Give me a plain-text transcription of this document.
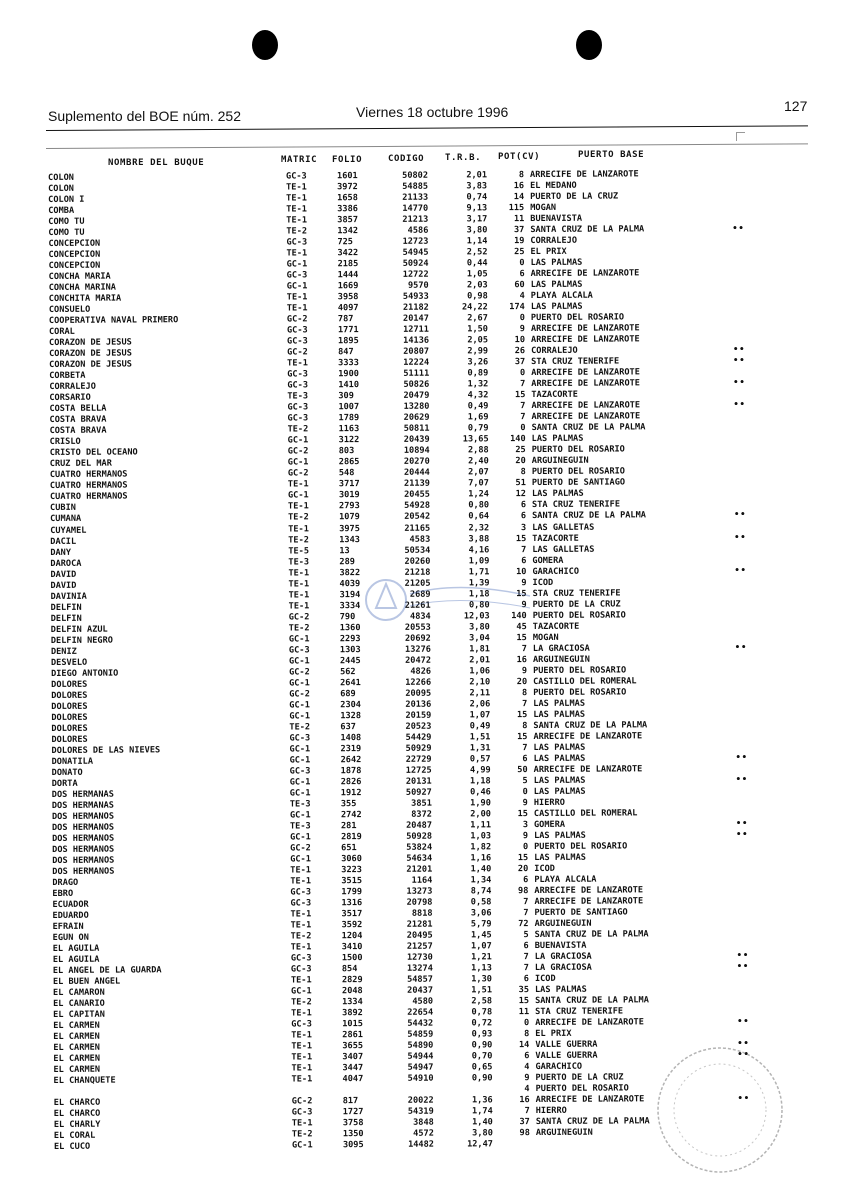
Suplemento del BOE núm. 252	Viernes 18 octubre 1996	127
NOMBRE DEL BUQUE	MATRIC FOLIO	CODIGO T.R.B. POT(CV)	PUERTO BASE
COLON	GC-3	1601	50802	2,01	8 ARRECIFE DE LANZAROTE
COLON	TE-1	3972	54885	3,83	16 EL MEDANO
COLON I	TE-1	1658	21133	0,74	14 PUERTO DE LA CRUZ
COMBA	TE-1	3386	14770	9,13	115 MOGAN
COMO TU	TE-1	3857	21213	3,17	11 BUENAVISTA
COMO TU	TE-2	1342	4586	3,80	37 SANTA CRUZ DE LA PALMA	••
CONCEPCION	GC-3	725	12723	1,14	19 CORRALEJO
CONCEPCION	TE-1	3422	54945	2,52	25 EL PRIX
CONCEPCION	GC-1	2185	50924	0,44	0 LAS PALMAS
CONCHA MARIA	GC-3	1444	12722	1,05	6 ARRECIFE DE LANZAROTE
CONCHA MARINA	GC-1	1669	9570	2,03	60 LAS PALMAS
CONCHITA MARIA	TE-1	3958	54933	0,98	4 PLAYA ALCALA
CONSUELO	TE-1	4097	21182	24,22	174 LAS PALMAS
COOPERATIVA NAVAL PRIMERO	GC-2	787	20147	2,67	0 PUERTO DEL ROSARIO
CORAL	GC-3	1771	12711	1,50	9 ARRECIFE DE LANZAROTE
CORAZON DE JESUS	GC-3	1895	14136	2,05	10 ARRECIFE DE LANZAROTE
CORAZON DE JESUS	GC-2	847	20807	2,99	26 CORRALEJO	••
CORAZON DE JESUS	TE-1	3333	12224	3,26	37 STA CRUZ TENERIFE	••
CORBETA	GC-3	1900	51111	0,89	0 ARRECIFE DE LANZAROTE
CORRALEJO	GC-3	1410	50826	1,32	7 ARRECIFE DE LANZAROTE	••
CORSARIO	TE-3	309	20479	4,32	15 TAZACORTE
COSTA BELLA	GC-3	1007	13280	0,49	7 ARRECIFE DE LANZAROTE	••
COSTA BRAVA	GC-3	1789	20629	1,69	7 ARRECIFE DE LANZAROTE
COSTA BRAVA	TE-2	1163	50811	0,79	0 SANTA CRUZ DE LA PALMA
CRISLO	GC-1	3122	20439	13,65	140 LAS PALMAS
CRISTO DEL OCEANO	GC-2	803	10894	2,88	25 PUERTO DEL ROSARIO
CRUZ DEL MAR	GC-1	2865	20270	2,40	20 ARGUINEGUIN
CUATRO HERMANOS	GC-2	548	20444	2,07	8 PUERTO DEL ROSARIO
CUATRO HERMANOS	TE-1	3717	21139	7,07	51 PUERTO DE SANTIAGO
CUATRO HERMANOS	GC-1	3019	20455	1,24	12 LAS PALMAS
CUBIN	TE-1	2793	54928	0,80	6 STA CRUZ TENERIFE
CUMANA	TE-2	1079	20542	0,64	6 SANTA CRUZ DE LA PALMA	••
CUYAMEL	TE-1	3975	21165	2,32	3 LAS GALLETAS
DACIL	TE-2	1343	4583	3,88	15 TAZACORTE	••
DANY	TE-5	13	50534	4,16	7 LAS GALLETAS
DAROCA	TE-3	289	20260	1,09	6 GOMERA
DAVID	TE-1	3822	21218	1,71	10 GARACHICO	••
DAVID	TE-1	4039	21205	1,39	9 ICOD
DAVINIA	TE-1	3194	2689	1,18	15 STA CRUZ TENERIFE
DELFIN	TE-1	3334	21261	0,80	9 PUERTO DE LA CRUZ
DELFIN	GC-2	790	4834	12,03	140 PUERTO DEL ROSARIO
DELFIN AZUL	TE-2	1360	20553	3,80	45 TAZACORTE
DELFIN NEGRO	GC-1	2293	20692	3,04	15 MOGAN
DENIZ	GC-3	1303	13276	1,81	7 LA GRACIOSA	••
DESVELO	GC-1	2445	20472	2,01	16 ARGUINEGUIN
DIEGO ANTONIO	GC-2	562	4826	1,06	9 PUERTO DEL ROSARIO
DOLORES	GC-1	2641	12266	2,10	20 CASTILLO DEL ROMERAL
DOLORES	GC-2	689	20095	2,11	8 PUERTO DEL ROSARIO
DOLORES	GC-1	2304	20136	2,06	7 LAS PALMAS
DOLORES	GC-1	1328	20159	1,07	15 LAS PALMAS
DOLORES	TE-2	637	20523	0,49	8 SANTA CRUZ DE LA PALMA
DOLORES	GC-3	1408	54429	1,51	15 ARRECIFE DE LANZAROTE
DOLORES DE LAS NIEVES	GC-1	2319	50929	1,31	7 LAS PALMAS
DONATILA	GC-1	2642	22729	0,57	6 LAS PALMAS	••
DONATO	GC-3	1878	12725	4,99	50 ARRECIFE DE LANZAROTE
DORTA	GC-1	2826	20131	1,18	5 LAS PALMAS	••
DOS HERMANAS	GC-1	1912	50927	0,46	0 LAS PALMAS
DOS HERMANAS	TE-3	355	3851	1,90	9 HIERRO
DOS HERMANOS	GC-1	2742	8372	2,00	15 CASTILLO DEL ROMERAL
DOS HERMANOS	TE-3	281	20487	1,11	3 GOMERA	••
DOS HERMANOS	GC-1	2819	50928	1,03	9 LAS PALMAS	••
DOS HERMANOS	GC-2	651	53824	1,82	0 PUERTO DEL ROSARIO
DOS HERMANOS	GC-1	3060	54634	1,16	15 LAS PALMAS
DOS HERMANOS	TE-1	3223	21201	1,40	20 ICOD
DRAGO	TE-1	3515	1164	1,34	6 PLAYA ALCALA
EBRO	GC-3	1799	13273	8,74	98 ARRECIFE DE LANZAROTE
ECUADOR	GC-3	1316	20798	0,58	7 ARRECIFE DE LANZAROTE
EDUARDO	TE-1	3517	8818	3,06	7 PUERTO DE SANTIAGO
EFRAIN	TE-1	3592	21281	5,79	72 ARGUINEGUIN
EGUN ON	TE-2	1204	20495	1,45	5 SANTA CRUZ DE LA PALMA
EL AGUILA	TE-1	3410	21257	1,07	6 BUENAVISTA
EL AGUILA	GC-3	1500	12730	1,21	7 LA GRACIOSA	••
EL ANGEL DE LA GUARDA	GC-3	854	13274	1,13	7 LA GRACIOSA	••
EL BUEN ANGEL	TE-1	2829	54857	1,30	6 ICOD
EL CAMARON	GC-1	2048	20437	1,51	35 LAS PALMAS
EL CANARIO	TE-2	1334	4580	2,58	15 SANTA CRUZ DE LA PALMA
EL CAPITAN	TE-1	3892	22654	0,78	11 STA CRUZ TENERIFE
EL CARMEN	GC-3	1015	54432	0,72	0 ARRECIFE DE LANZAROTE	••
EL CARMEN	TE-1	2861	54859	0,93	8 EL PRIX
EL CARMEN	TE-1	3655	54890	0,90	14 VALLE GUERRA	••
EL CARMEN	TE-1	3407	54944	0,70	6 VALLE GUERRA	••
EL CARMEN	TE-1	3447	54947	0,65	4 GARACHICO
EL CHANQUETE	TE-1	4047	54910	0,90	9 PUERTO DE LA CRUZ
4 PUERTO DEL ROSARIO
EL CHARCO	GC-2	817	20022	1,36	16 ARRECIFE DE LANZAROTE	••
EL CHARCO	GC-3	1727	54319	1,74	7 HIERRO
EL CHARLY	TE-1	3758	3848	1,40	37 SANTA CRUZ DE LA PALMA
EL CORAL	TE-2	1350	4572	3,80	98 ARGUINEGUIN
EL CUCO	GC-1	3095	14482	12,47
